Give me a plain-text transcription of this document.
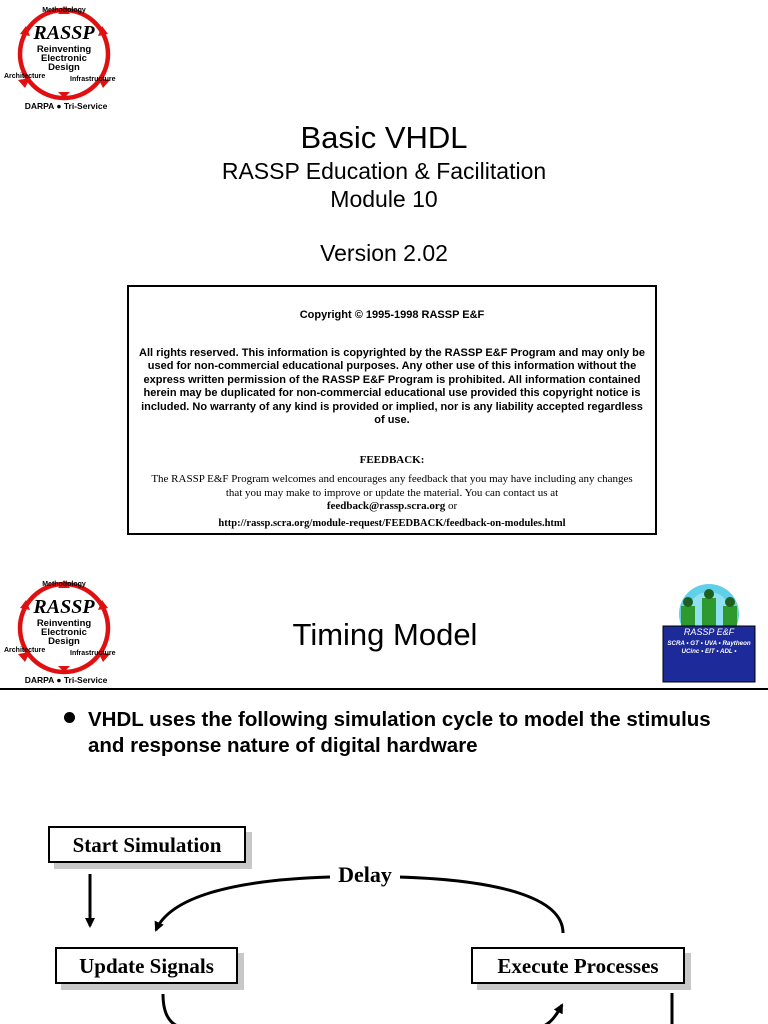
Methodology
RASSP
Reinventing
Electronic
Design
Architecture	Infrastructure
DARPA ● Tri-Service
Basic VHDL
RASSP Education & Facilitation
Module 10
Version 2.02
Copyright © 1995-1998 RASSP E&F
All rights reserved. This information is copyrighted by the RASSP E&F Program and may only be used for non-commercial educational purposes. Any other use of this information without the express written permission of the RASSP E&F Program is prohibited. All information contained herein may be duplicated for non-commercial educational use provided this copyright notice is included. No warranty of any kind is provided or implied, nor is any liability accepted regardless of use.
FEEDBACK:
The RASSP E&F Program welcomes and encourages any feedback that you may have including any changes that you may make to improve or update the material. You can contact us at
feedback@rassp.scra.org or
http://rassp.scra.org/module-request/FEEDBACK/feedback-on-modules.html
Methodology
RASSP
Reinventing
Electronic
Design
Architecture	Infrastructure
DARPA ● Tri-Service
Timing Model	RASSP E&F
SCRA • GT • UVA • Raytheon
UCinc • EIT • ADL •
VHDL uses the following simulation cycle to model the stimulus and response nature of digital hardware
Start Simulation
Update Signals	Execute Processes
Delay
